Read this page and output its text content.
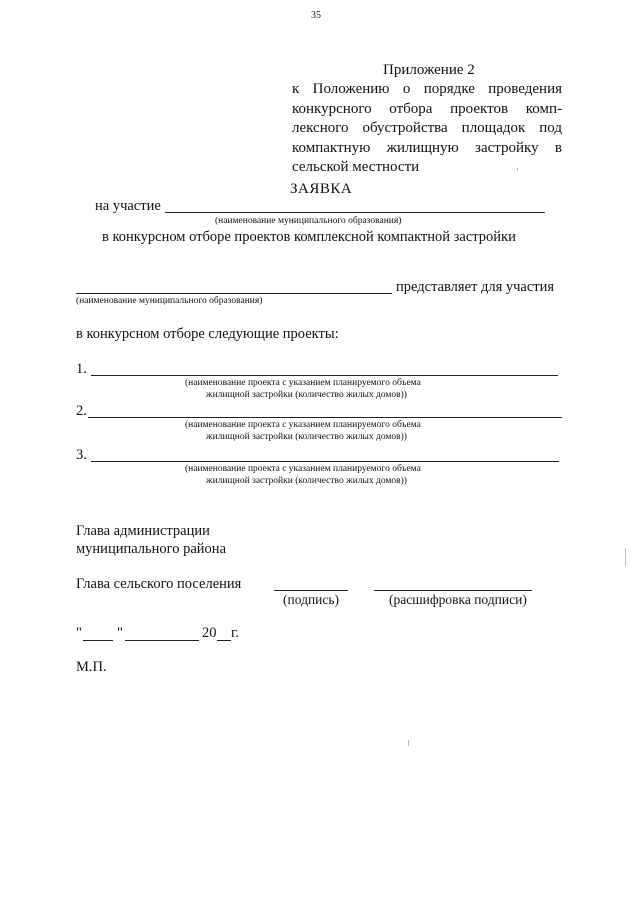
35
Приложение 2
к Положению о порядке проведения
конкурсного отбора проектов комп-
лексного обустройства площадок под
компактную жилищную застройку в
сельской местности
ЗАЯВКА
на участие
(наименование муниципального образования)
в конкурсном отборе проектов комплексной компактной застройки
представляет для участия
(наименование муниципального образования)
в конкурсном отборе следующие проекты:
1.
(наименование проекта с указанием планируемого объема
жилищной застройки (количество жилых домов))
2.
(наименование проекта с указанием планируемого объема
жилищной застройки (количество жилых домов))
3.
(наименование проекта с указанием планируемого объема
жилищной застройки (количество жилых домов))
Глава администрации
муниципального района
Глава сельского поселения
(подпись)	(расшифровка подписи)
" "	20 г.
М.П.
